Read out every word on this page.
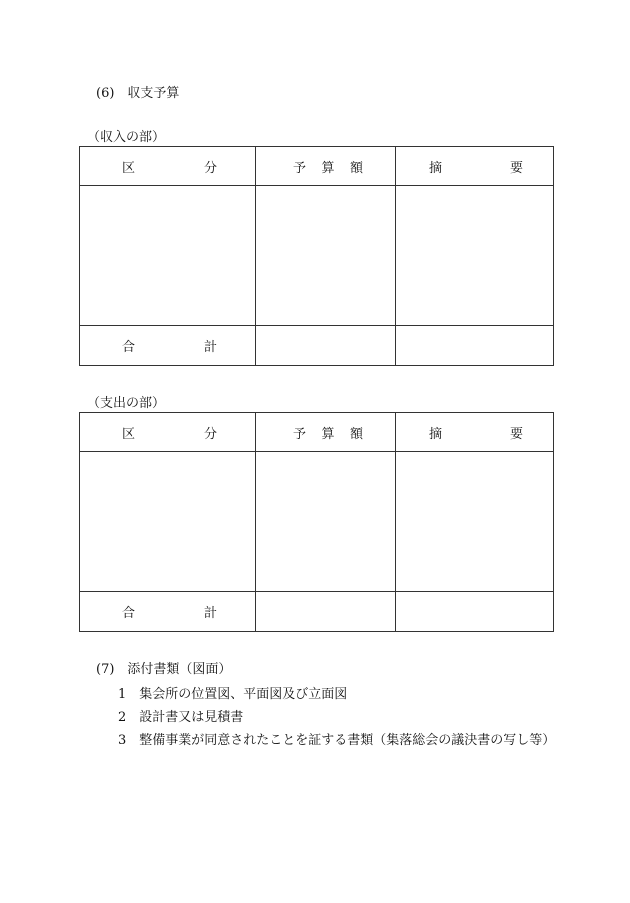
(6)　収支予算
（収入の部）
区 分	予 算 額	摘 要

合 計		

（支出の部）
区 分	予 算 額	摘 要

合 計		

(7)　添付書類（図面）
1　集会所の位置図、平面図及び立面図
2　設計書又は見積書
3　整備事業が同意されたことを証する書類（集落総会の議決書の写し等）
